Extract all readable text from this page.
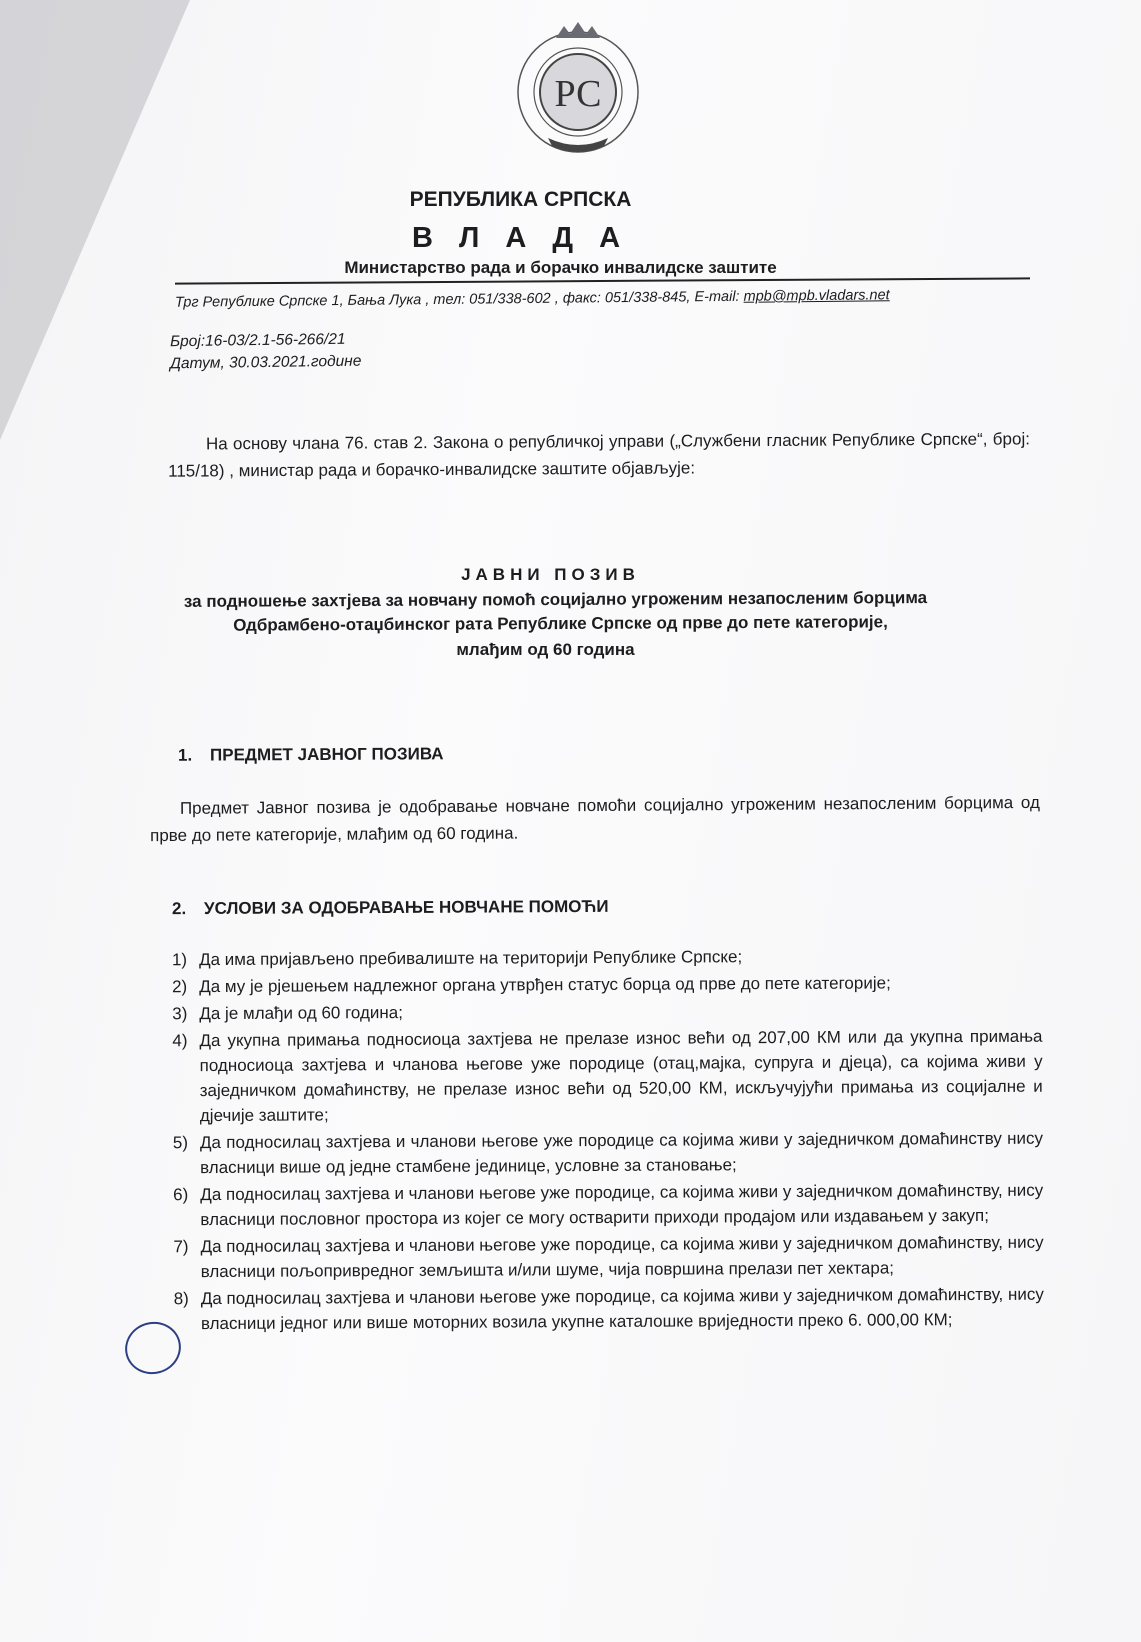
РС
РЕПУБЛИКА СРПСКА
В Л А Д А
Министарство рада и борачко инвалидске заштите
Трг Републике Српске 1, Бања Лука , тел: 051/338-602 , факс: 051/338-845, E-mail: mpb@mpb.vladars.net
Број:16-03/2.1-56-266/21
Датум, 30.03.2021.године
На основу члана 76. став 2. Закона о републичкој управи („Службени гласник Републике Српске“, број: 115/18) , министар рада и борачко-инвалидске заштите објављује:
ЈАВНИ ПОЗИВ
за подношење захтјева за новчану помоћ социјално угроженим незапосленим борцима
Одбрамбено-отаџбинског рата Републике Српске од прве до пете категорије,
млађим од 60 година
1. ПРЕДМЕТ ЈАВНОГ ПОЗИВА
Предмет Јавног позива је одобравање новчане помоћи социјално угроженим незапосленим борцима од прве до пете категорије, млађим од 60 година.
2. УСЛОВИ ЗА ОДОБРАВАЊЕ НОВЧАНЕ ПОМОЋИ
1) Да има пријављено пребивалиште на територији Републике Српске;
2) Да му је рјешењем надлежног органа утврђен статус борца од прве до пете категорије;
3) Да је млађи од 60 година;
4) Да укупна примања подносиоца захтјева не прелазе износ већи од 207,00 КМ или да укупна примања подносиоца захтјева и чланова његове уже породице (отац,мајка, супруга и дјеца), са којима живи у заједничком домаћинству, не прелазе износ већи од 520,00 КМ, искључујући примања из социјалне и дјечије заштите;
5) Да подносилац захтјева и чланови његове уже породице са којима живи у заједничком домаћинству нису власници више од једне стамбене јединице, условне за становање;
6) Да подносилац захтјева и чланови његове уже породице, са којима живи у заједничком домаћинству, нису власници пословног простора из којег се могу остварити приходи продајом или издавањем у закуп;
7) Да подносилац захтјева и чланови његове уже породице, са којима живи у заједничком домаћинству, нису власници пољопривредног земљишта и/или шуме, чија површина прелази пет хектара;
8) Да подносилац захтјева и чланови његове уже породице, са којима живи у заједничком домаћинству, нису власници једног или више моторних возила укупне каталошке вриједности преко 6. 000,00 КМ;
